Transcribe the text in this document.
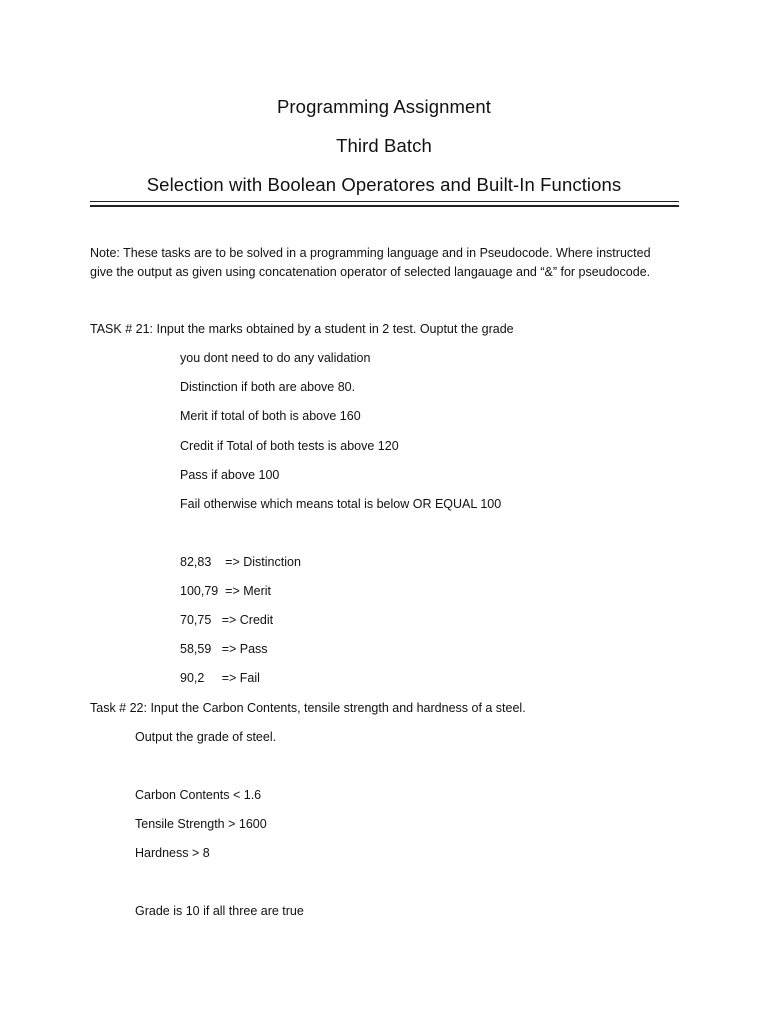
Programming Assignment
Third Batch
Selection with Boolean Operatores and Built-In Functions
Note: These tasks are to be solved in a programming language and in Pseudocode. Where instructed
give the output as given using concatenation operator of selected langauage and “&” for pseudocode.
TASK # 21: Input the marks obtained by a student in 2 test. Ouptut the grade
you dont need to do any validation
Distinction if both are above 80.
Merit if total of both is above 160
Credit if Total of both tests is above 120
Pass if above 100
Fail otherwise which means total is below OR EQUAL 100
82,83    => Distinction
100,79  => Merit
70,75   => Credit
58,59   => Pass
90,2     => Fail
Task # 22: Input the Carbon Contents, tensile strength and hardness of a steel.
Output the grade of steel.
Carbon Contents < 1.6
Tensile Strength > 1600
Hardness > 8
Grade is 10 if all three are true
